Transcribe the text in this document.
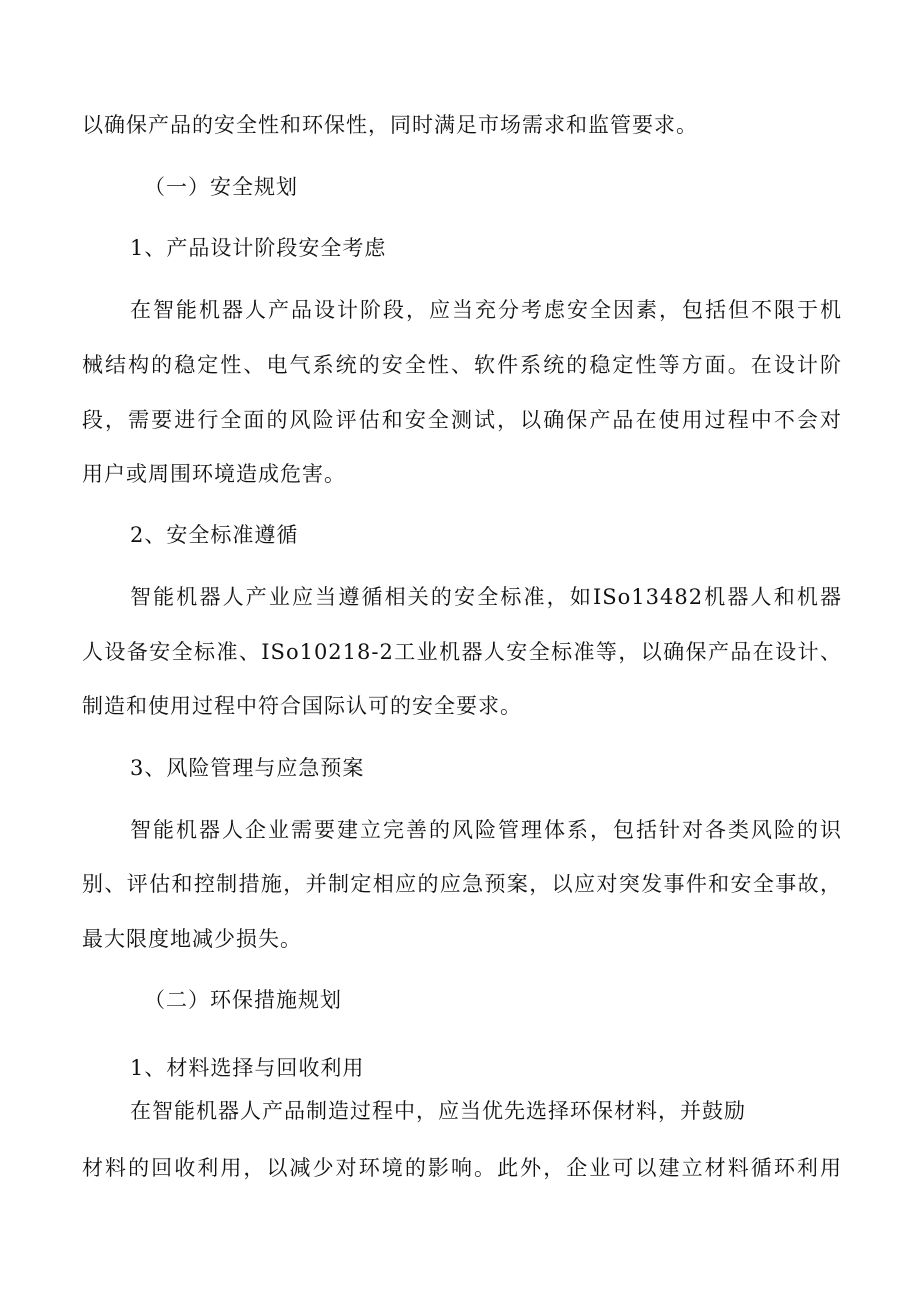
以确保产品的安全性和环保性，同时满足市场需求和监管要求。
（一）安全规划
1、产品设计阶段安全考虑
在智能机器人产品设计阶段，应当充分考虑安全因素，包括但不限于机
械结构的稳定性、电气系统的安全性、软件系统的稳定性等方面。在设计阶
段，需要进行全面的风险评估和安全测试，以确保产品在使用过程中不会对
用户或周围环境造成危害。
2、安全标准遵循
智能机器人产业应当遵循相关的安全标准，如ISo13482机器人和机器
人设备安全标准、ISo10218-2工业机器人安全标准等，以确保产品在设计、
制造和使用过程中符合国际认可的安全要求。
3、风险管理与应急预案
智能机器人企业需要建立完善的风险管理体系，包括针对各类风险的识
别、评估和控制措施，并制定相应的应急预案，以应对突发事件和安全事故，
最大限度地减少损失。
（二）环保措施规划
1、材料选择与回收利用
在智能机器人产品制造过程中，应当优先选择环保材料，并鼓励
材料的回收利用，以减少对环境的影响。此外，企业可以建立材料循环利用
